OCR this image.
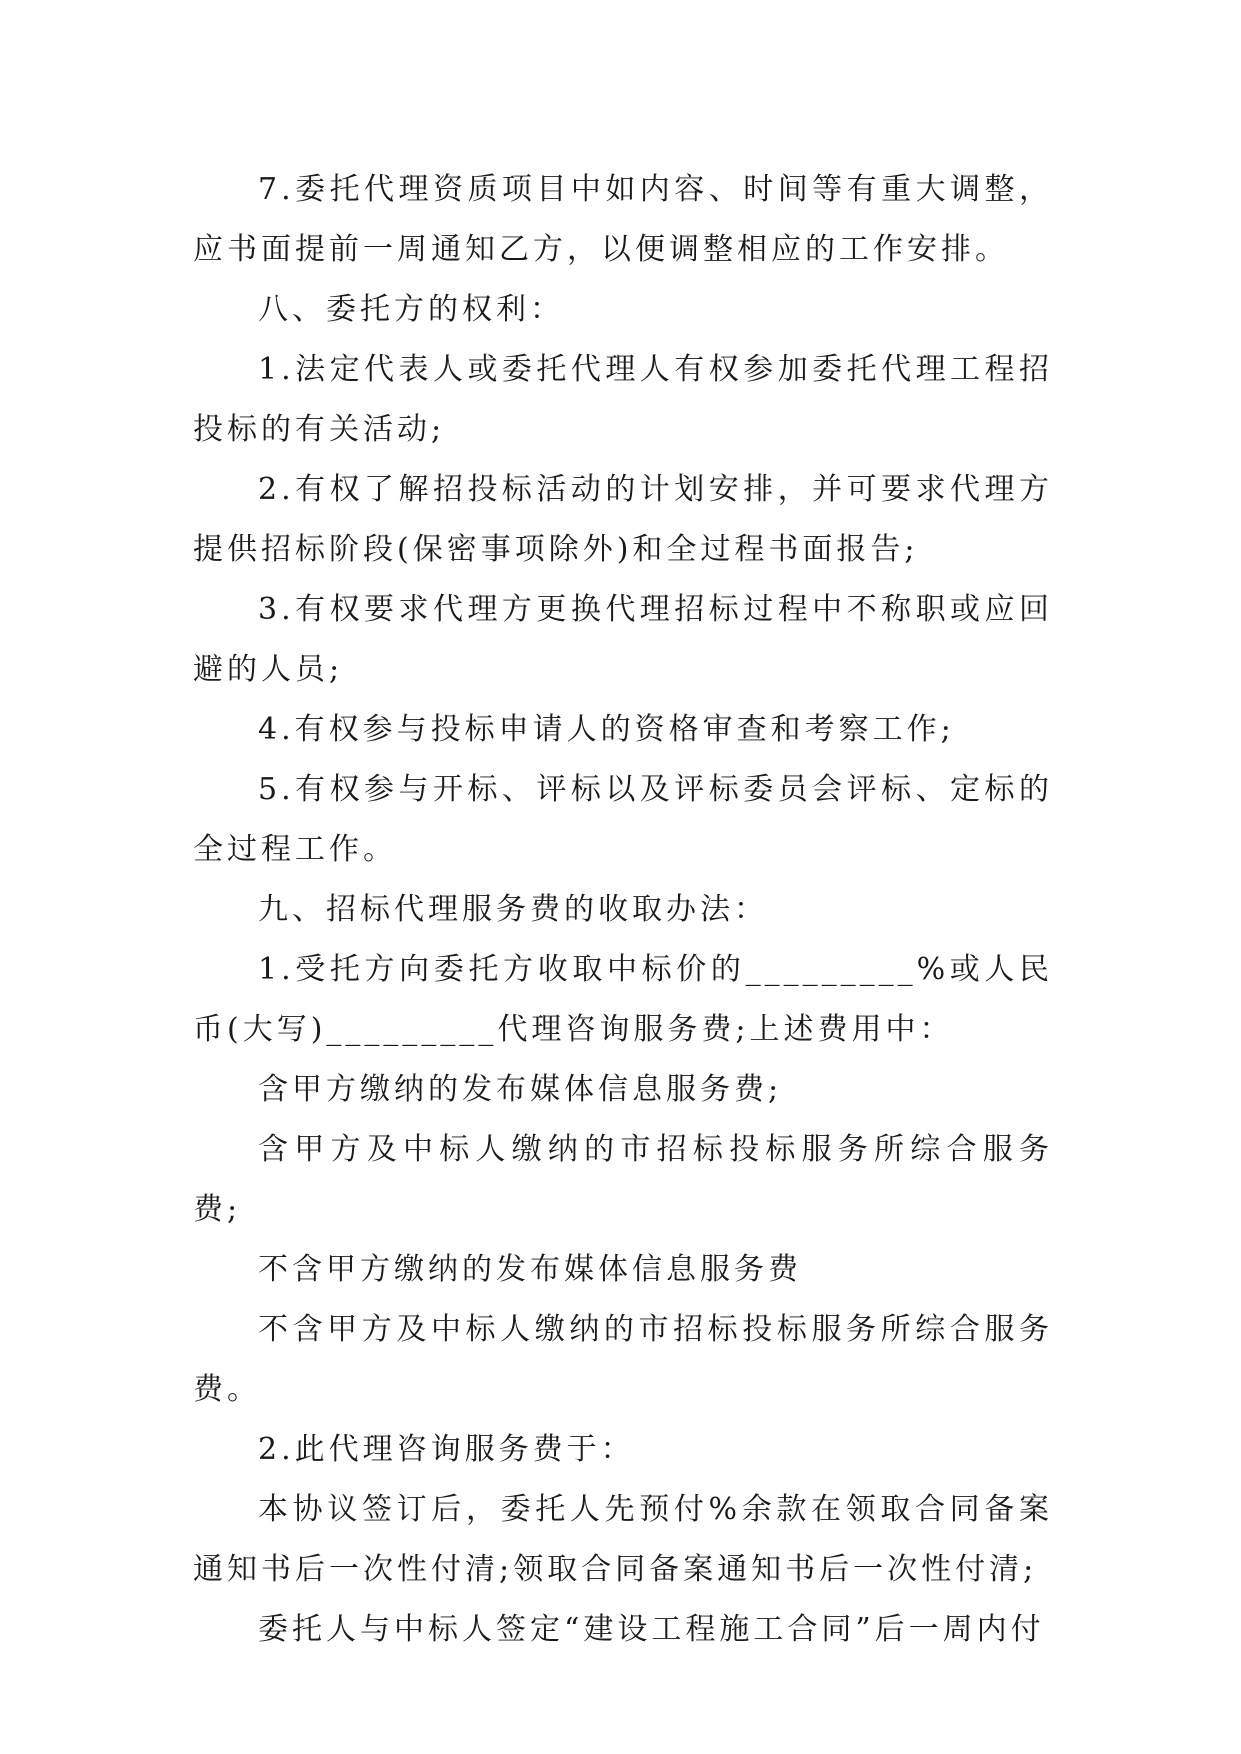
7.委托代理资质项目中如内容、时间等有重大调整，应书面提前一周通知乙方，以便调整相应的工作安排。

八、委托方的权利：

1.法定代表人或委托代理人有权参加委托代理工程招投标的有关活动;

2.有权了解招投标活动的计划安排，并可要求代理方提供招标阶段(保密事项除外)和全过程书面报告;

3.有权要求代理方更换代理招标过程中不称职或应回避的人员;

4.有权参与投标申请人的资格审查和考察工作;

5.有权参与开标、评标以及评标委员会评标、定标的全过程工作。

九、招标代理服务费的收取办法：

1.受托方向委托方收取中标价的_________%或人民币(大写)_________代理咨询服务费;上述费用中：

含甲方缴纳的发布媒体信息服务费;

含甲方及中标人缴纳的市招标投标服务所综合服务费;

不含甲方缴纳的发布媒体信息服务费

不含甲方及中标人缴纳的市招标投标服务所综合服务费。

2.此代理咨询服务费于：

本协议签订后，委托人先预付%余款在领取合同备案通知书后一次性付清;领取合同备案通知书后一次性付清;

委托人与中标人签定“建设工程施工合同”后一周内付
